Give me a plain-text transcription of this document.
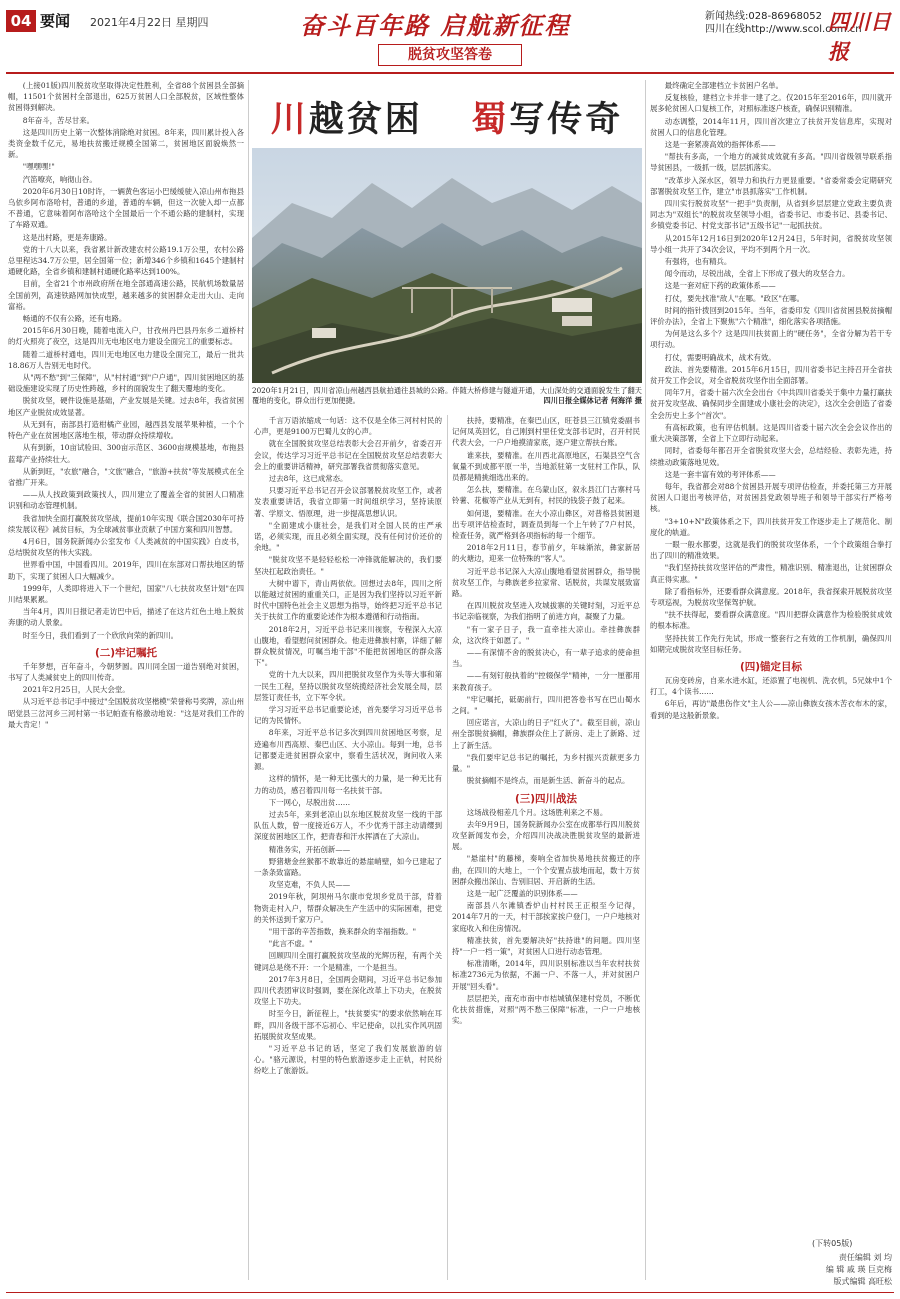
04 要闻 2021年4月22日 星期四	奋斗百年路 启航新征程
脱贫攻坚答卷
新闻热线:028-86968052
四川在线http://www.scol.com.cn
四川日报
川越贫困 蜀写传奇
2020年1月21日，四川省凉山州越西县航拍通往县城的公路。伴随大桥修建与隧道开通，大山深处的交通面貌发生了翻天覆地的变化，群众出行更加便捷。	四川日报全媒体记者 何海洋 摄

(上接01版)四川脱贫攻坚取得决定性胜利，全省88个贫困县全部摘帽，11501个贫困村全部退出，625万贫困人口全部脱贫，区域性整体贫困得到解决。

8年奋斗，苦尽甘来。

这是四川历史上第一次整体消除绝对贫困。8年来，四川累计投入各类资金数千亿元，易地扶贫搬迁规模全国第二，贫困地区面貌焕然一新。

"嘿嘿嘿!"

汽笛嘹亮，响彻山谷。

2020年6月30日10时许，一辆黄色客运小巴缓缓驶入凉山州布拖县乌依乡阿布洛哈村，普通的乡道，普通的车辆，但这一次驶入却一点都不普通，它意味着阿布洛哈这个全国最后一个不通公路的建制村，实现了车路双通。

这是出村路，更是奔康路。

党的十八大以来，我省累计新改建农村公路19.1万公里，农村公路总里程达34.7万公里，居全国第一位；新增346个乡镇和1645个建制村通硬化路，全省乡镇和建制村通硬化路率达到100%。

目前，全省21个市州政府所在地全部通高速公路，民航机场数量居全国前列，高速铁路网加快成型，越来越多的贫困群众走出大山、走向富裕。

畅通的不仅有公路，还有电路。

2015年6月30日晚，随着电流入户，甘孜州丹巴县丹东乡二道桥村的灯火照亮了夜空，这是四川无电地区电力建设全面完工的重要标志。

随着二道桥村通电，四川无电地区电力建设全面完工，最后一批共18.86万人告别无电时代。

从"两不愁"到"三保障"，从"村村通"到"户户通"，四川贫困地区的基础设施建设实现了历史性跨越，乡村的面貌发生了翻天覆地的变化。

脱贫攻坚，硬件设施是基础，产业发展是关键。过去8年，我省贫困地区产业脱贫成效显著。

从无到有，南部县打造柑橘产业园，越西县发展苹果种植，一个个特色产业在贫困地区落地生根，带动群众持续增收。

从有到新，10亩试验田、300亩示范区、3600亩规模基地，布拖县蓝莓产业持续壮大。

从新到旺，"农旅"融合，"文旅"融合，"旅游+扶贫"等发展模式在全省推广开来。

——从人找政策到政策找人，四川建立了覆盖全省的贫困人口精准识别和动态管理机制。

我省加快全面打赢脱贫攻坚战，提前10年实现《联合国2030年可持续发展议程》减贫目标，为全球减贫事业贡献了中国方案和四川智慧。

4月6日，国务院新闻办公室发布《人类减贫的中国实践》白皮书，总结脱贫攻坚的伟大实践。

世界看中国，中国看四川。2019年，四川在东部对口帮扶地区的帮助下，实现了贫困人口大幅减少。

1999年，人类即将进入下一个世纪，国家"八七扶贫攻坚计划"在四川结果累累。

当年4月，四川日报记者走访巴中后，描述了在这片红色土地上脱贫奔康的动人景象。

时至今日，我们看到了一个欣欣向荣的新四川。

(二)牢记嘱托

千年梦想，百年奋斗，今朝梦圆。四川同全国一道告别绝对贫困，书写了人类减贫史上的四川传奇。

2021年2月25日，人民大会堂。

从习近平总书记手中接过"全国脱贫攻坚楷模"荣誉称号奖牌，凉山州昭觉县三岔河乡三河村第一书记帕查有格激动地说："这是对我们工作的最大肯定！"

千言万语浓缩成一句话：这不仅是全体三河村村民的心声，更是9100万巴蜀儿女的心声。

就在全国脱贫攻坚总结表彰大会召开前夕，省委召开会议，传达学习习近平总书记在全国脱贫攻坚总结表彰大会上的重要讲话精神，研究部署我省贯彻落实意见。

过去8年，这已成常态。

只要习近平总书记召开会议部署脱贫攻坚工作，或者发表重要讲话，我省立即第一时间组织学习，坚持读原著、学原文、悟原理，进一步提高思想认识。

"全面建成小康社会，是我们对全国人民的庄严承诺，必须实现，而且必须全面实现，没有任何讨价还价的余地。"

"脱贫攻坚不是轻轻松松一冲锋就能解决的，我们要坚决扛起政治责任。"

大树中谱下，青山两依依。回想过去8年，四川之所以能越过贫困的重重关口，正是因为我们坚持以习近平新时代中国特色社会主义思想为指导，始终把习近平总书记关于扶贫工作的重要论述作为根本遵循和行动指南。

2018年2月，习近平总书记来川视察，专程深入大凉山腹地，看望慰问贫困群众。他走进彝族村寨，详细了解群众脱贫情况，叮嘱当地干部"不能把贫困地区的群众落下"。

党的十九大以来，四川把脱贫攻坚作为头等大事和第一民生工程，坚持以脱贫攻坚统揽经济社会发展全局，层层签订责任书，立下军令状。

学习习近平总书记重要论述，首先要学习习近平总书记的为民情怀。

8年来，习近平总书记多次到四川贫困地区考察，足迹遍布川西高原、秦巴山区、大小凉山。每到一地，总书记都要走进贫困群众家中，察看生活状况，询问收入来源。

这样的情怀，是一种无比强大的力量，是一种无比有力的动员，感召着四川每一名扶贫干部。

下一网心，尽脱出贫……

过去5年，来到老凉山以东地区脱贫攻坚一线的干部队伍人数，曾一度接近6万人，不少优秀干部主动请缨到深度贫困地区工作，把青春和汗水挥洒在了大凉山。

精准务实，开拓创新——

野猪塘金丝猴都不敢靠近的悬崖峭壁，如今已建起了一条条致富路。

攻坚克难，不负人民——

2019年秋，阿坝州马尔康市党坝乡党员干部，背着物资走村入户，帮群众解决生产生活中的实际困难，把党的关怀送到千家万户。

"用干部的辛苦指数，换来群众的幸福指数。"

"此言不虚。"

回顾四川全面打赢脱贫攻坚战的光辉历程，有两个关键词总是绕不开：一个是精准，一个是担当。

2017年3月8日，全国两会期间，习近平总书记参加四川代表团审议时强调，要在深化改革上下功夫，在脱贫攻坚上下功夫。

时至今日，新征程上，"扶贫要实"的要求依然响在耳畔，四川各级干部不忘初心、牢记使命，以扎实作风巩固拓展脱贫攻坚成果。

"习近平总书记的话，坚定了我们发展旅游的信心。"骆元源说，村里的特色旅游逐步走上正轨，村民纷纷吃上了旅游饭。

扶持，要精准，在秦巴山区，旺苍县三江镇党委副书记何凤英回忆，自己刚到村里任党支部书记时，召开村民代表大会，一户户地摸清家底，逐户建立帮扶台账。

谁来扶，要精准。在川西北高原地区，石渠县空气含氧量不到成都平原一半，当地派驻第一支驻村工作队，队员都是精挑细选出来的。

怎么扶，要精准。在乌蒙山区，叙永县江门古寨村马铃薯、花椒等产业从无到有，村民的钱袋子鼓了起来。

如何退，要精准。在大小凉山彝区，对普格县贫困退出专项评估检查时，调查员到每一个上午转了7户村民，检查任务，就严格到各项指标的每一个细节。

2018年2月11日，春节前夕，年味渐浓，彝家新居的火塘边，迎来一位特殊的"客人"。

习近平总书记深入大凉山腹地看望贫困群众，指导脱贫攻坚工作，与彝族老乡拉家常、话脱贫，共谋发展致富路。

在四川脱贫攻坚进入攻城拔寨的关键时刻，习近平总书记亲临视察，为我们指明了前进方向，凝聚了力量。

"有一家子日子，我一直牵挂大凉山。牵挂彝族群众，这次终于如愿了。"

——有深情不舍的脱贫决心，有一辈子追求的使命担当。

——有刻钉般执着的"控辍保学"精神，一分一厘都用来教育孩子。

"牢记嘱托，砥砺前行，四川把答卷书写在巴山蜀水之间。"

回应诺言，大凉山的日子"红火了"。截至目前，凉山州全部脱贫摘帽，彝族群众住上了新房、走上了新路、过上了新生活。

"我们要牢记总书记的嘱托，为乡村振兴贡献更多力量。"

脱贫摘帽不是终点，而是新生活、新奋斗的起点。

(三)四川战法

这场战役相差几个月。这场胜利来之不易。

去年9月9日，国务院新闻办公室在成都举行四川脱贫攻坚新闻发布会，介绍四川决战决胜脱贫攻坚的最新进展。

"悬崖村"的藤梯，奏响全省加快易地扶贫搬迁的序曲，在四川的大地上，一个个安置点拔地而起，数十万贫困群众搬出深山、告别旧居、开启新的生活。

这是一起广泛覆盖的识别体系——

南部县八尔滩镇香炉山村村民王正根至今记得，2014年7月的一天，村干部挨家挨户登门，一户户地核对家庭收入和住房情况。

精准扶贫，首先要解决好"扶持谁"的问题。四川坚持"一户一档一策"，对贫困人口进行动态管理。

标准清晰，2014年，四川识别标准以当年农村扶贫标准2736元为依据，不漏一户、不落一人，并对贫困户开展"回头看"。

层层把关，南充市南中市桔城镇保建村党员，不断优化扶贫措施，对照"两不愁三保障"标准，一户一户地核实。

最终确定全部建档立卡贫困户名单。

反复核验，建档立卡并非一建了之。仅2015年至2016年，四川就开展多轮贫困人口复核工作，对照标准逐户核查，确保识别精准。

动态调整，2014年11月，四川首次建立了扶贫开发信息库，实现对贫困人口的信息化管理。

这是一套紧凑高效的指挥体系——

"帮扶有多高，一个地方的减贫成效就有多高。"四川省级领导联系指导贫困县，一级抓一级，层层抓落实。

"改革步入深水区，领导力和执行力更显重要。"省委常委会定期研究部署脱贫攻坚工作，建立"市县抓落实"工作机制。

四川实行脱贫攻坚"一把手"负责制，从省到乡层层建立党政主要负责同志为"双组长"的脱贫攻坚领导小组，省委书记、市委书记、县委书记、乡镇党委书记、村党支部书记"五级书记"一起抓扶贫。

从2015年12月16日到2020年12月24日，5年时间，省脱贫攻坚领导小组一共开了34次会议，平均不到两个月一次。

有强将，也有精兵。

闻令而动，尽锐出战，全省上下形成了强大的攻坚合力。

这是一套对症下药的政策体系——

打仗，要先找准"敌人"在哪。"政区"在哪。

时间的指针拨回到2015年。当年，省委印发《四川省贫困县脱贫摘帽评价办法》，全省上下聚焦"六个精准"，细化落实各项措施。

为何是这么多个？这是四川扶贫面上的"硬任务"，全省分解为若干专项行动。

打仗，需要明确战术，战术有效。

政法、首先要精准。2015年6月15日，四川省委书记主持召开全省扶贫开发工作会议，对全省脱贫攻坚作出全面部署。

同年7月，省委十届六次全会出台《中共四川省委关于集中力量打赢扶贫开发攻坚战、确保同步全面建成小康社会的决定》，这次全会创造了省委全会历史上多个"首次"。

有高标政策，也有评估机制。这是四川省委十届六次全会会议作出的重大决策部署，全省上下立即行动起来。

同时，省委每年都召开全省脱贫攻坚大会，总结经验、表彰先进，持续推动政策落地见效。

这是一套丰富有效的考评体系——

每年，我省都会对88个贫困县开展专项评估检查，并委托第三方开展贫困人口退出考核评估，对贫困县党政领导班子和领导干部实行严格考核。

"3+10+N"政策体系之下，四川扶贫开发工作逐步走上了规范化、制度化的轨道。

一眼一般水都要，这就是我们的脱贫攻坚体系，一个个政策组合拳打出了四川的精准效果。

"我们坚持扶贫攻坚评估的严肃性，精准识别、精准退出，让贫困群众真正得实惠。"

除了看指标外，还要看群众满意度。2018年，我省探索开展脱贫攻坚专项巡视，为脱贫攻坚保驾护航。

"扶不扶得起，要看群众满意度。"四川把群众满意作为检验脱贫成效的根本标准。

坚持扶贫工作先行先试，形成一整套行之有效的工作机制，确保四川如期完成脱贫攻坚目标任务。

(四)锚定目标

瓦房变砖房，自来水进水缸，还添置了电视机、洗衣机，5兄妹中1个打工，4个读书……

6年后，再访"最患伤作文"主人公——凉山彝族女孩木苦衣布木的家，看到的是这般新景象。

(下转05版)
责任编辑 刘 均
编 辑 戚 瑛 巨克梅
版式编辑 高旺松
